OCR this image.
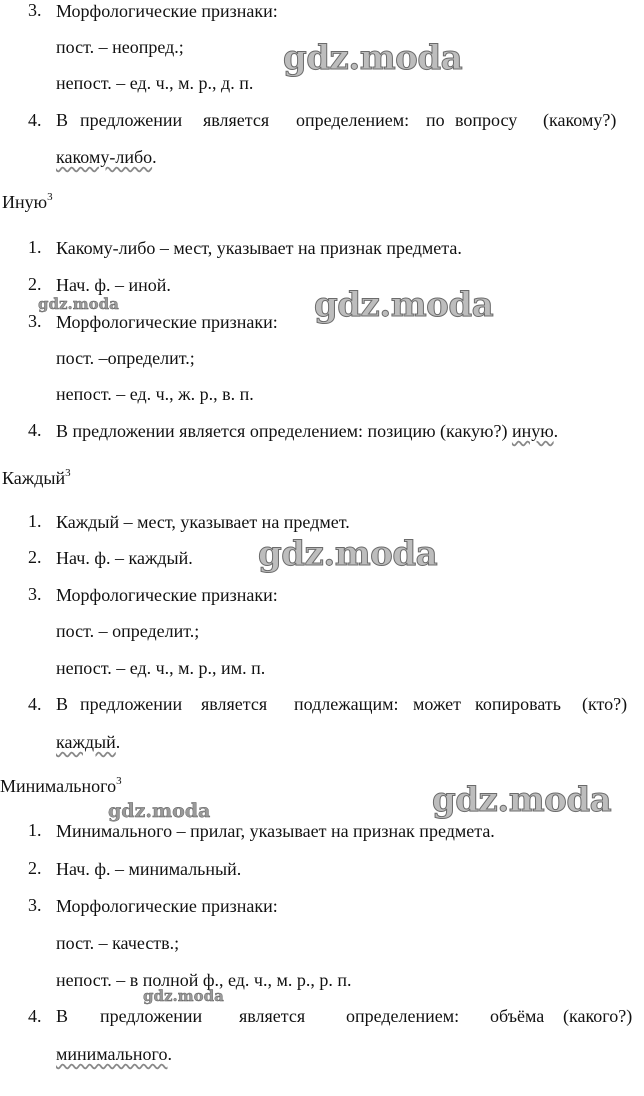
3. Морфологические признаки:
пост. – неопред.;
непост. – ед. ч., м. р., д. п.
4. В предложении является определением: по вопросу (какому?)
какому-либо.
Иную$^3$
1. Какому-либо – мест, указывает на признак предмета.
2. Нач. ф. – иной.
3. Морфологические признаки:
пост. –определит.;
непост. – ед. ч., ж. р., в. п.
4. В предложении является определением: позицию (какую?) иную.
Каждый$^3$
1. Каждый – мест, указывает на предмет.
2. Нач. ф. – каждый.
3. Морфологические признаки:
пост. – определит.;
непост. – ед. ч., м. р., им. п.
4. В предложении является подлежащим: может копировать (кто?)
каждый.
Минимального$^3$
1. Минимального – прилаг, указывает на признак предмета.
2. Нач. ф. – минимальный.
3. Морфологические признаки:
пост. – качеств.;
непост. – в полной ф., ед. ч., м. р., р. п.
4. В предложении является определением: объёма (какого?)
минимального.
gdz.moda
gdz.moda	gdz.moda
gdz.moda
gdz.moda	gdz.moda
gdz.moda
